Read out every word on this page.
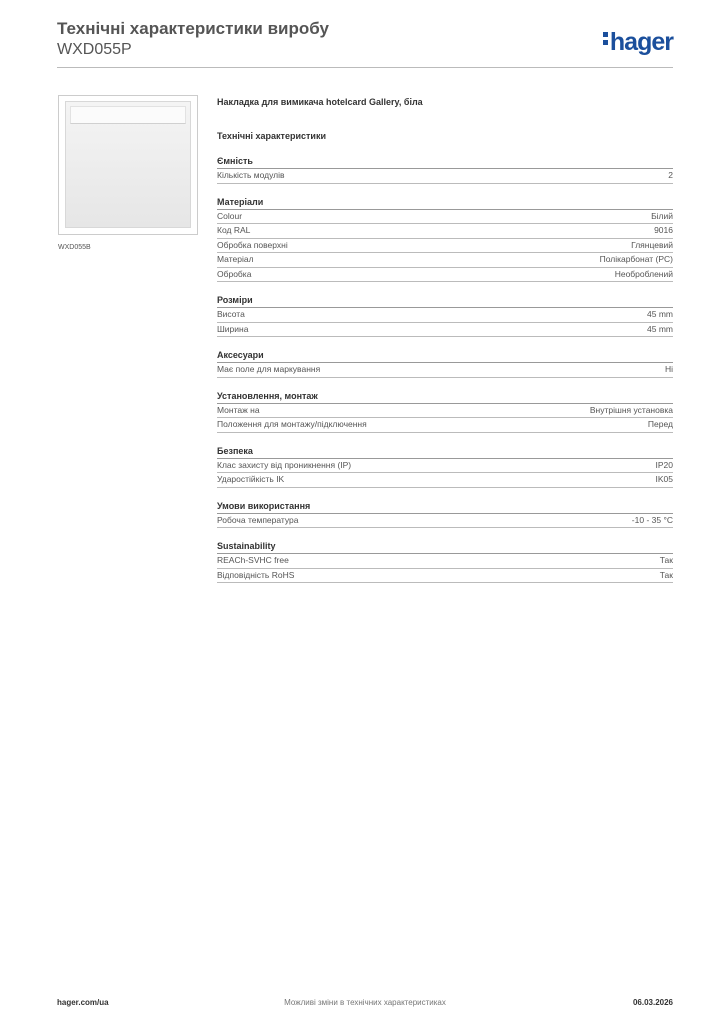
Технічні характеристики виробу
WXD055P	hager
WXD055B
Накладка для вимикача hotelcard Gallery, біла
Технічні характеристики
Ємність
Кількість модулів	2
Матеріали
Colour	Білий
Код RAL	9016
Обробка поверхні	Глянцевий
Матеріал	Полікарбонат (PC)
Обробка	Необроблений
Розміри
Висота	45 mm
Ширина	45 mm
Аксесуари
Має поле для маркування	Ні
Установлення, монтаж
Монтаж на	Внутрішня установка
Положення для монтажу/підключення	Перед
Безпека
Клас захисту від проникнення (IP)	IP20
Ударостійкість IK	IK05
Умови використання
Робоча температура	-10 - 35 °C
Sustainability
REACh-SVHC free	Так
Відповідність RoHS	Так
Можливі зміни в технічних характеристиках
hager.com/ua	06.03.2026
